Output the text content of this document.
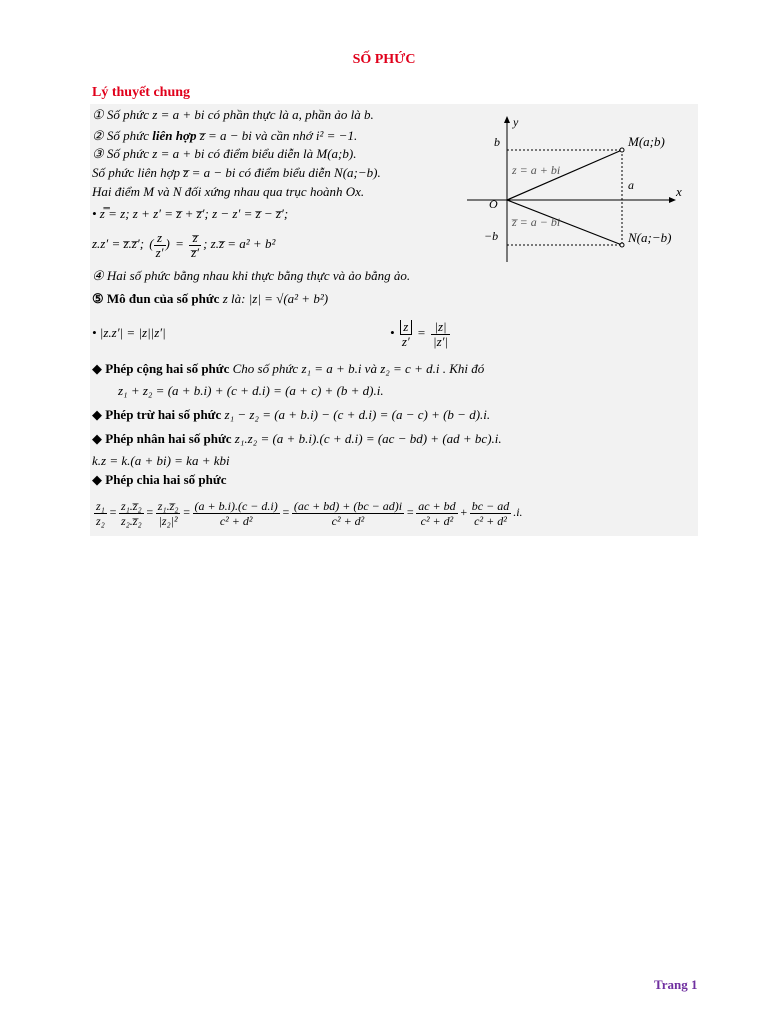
SỐ PHỨC
Lý thuyết chung
① Số phức z = a + bi có phần thực là a, phần ảo là b.
② Số phức liên hợp z̅ = a − bi và cần nhớ i² = −1.
③ Số phức z = a + bi có điểm biểu diễn là M(a;b).
Số phức liên hợp z̅ = a − bi có điểm biểu diễn N(a;−b).
Hai điểm M và N đối xứng nhau qua trục hoành Ox.
• z̿ = z; z + z′ = z̅ + z̅′; z − z′ = z̅ − z̅′;
z.z′ = z̅.z̅′; ( $\frac{z}{z'}$ ) = $\frac{z̅}{z̅'}$ ; z.z̅ = a² + b²
④ Hai số phức bằng nhau khi thực bằng thực và ảo bằng ảo.
⑤ Mô đun của số phức z là: |z| = √(a² + b²)
• |z.z′| = |z||z′|	• $\frac{z}{z'} = \frac{|z|}{|z'|}$
◆ Phép cộng hai số phức Cho số phức z₁ = a + b.i và z₂ = c + d.i . Khi đó
z₁ + z₂ = (a + b.i) + (c + d.i) = (a + c) + (b + d).i.
◆ Phép trừ hai số phức z₁ − z₂ = (a + b.i) − (c + d.i) = (a − c) + (b − d).i.
◆ Phép nhân hai số phức z₁.z₂ = (a + b.i).(c + d.i) = (ac − bd) + (ad + bc).i.
k.z = k.(a + bi) = ka + kbi
◆ Phép chia hai số phức
$\frac{\text{z₁}}{\text{z₂}} = \frac{\text{z₁.z̅₂}}{\text{z₂.z̅₂}} = \frac{\text{z₁.z̅₂}}{\text{|z₂|²}} = \frac{(a + b.i).(c - d.i)}{\text{c² + d²}} = \frac{(ac + bd) + (bc - ad)i}{\text{c² + d²}} = \frac{ac + bd}{\text{c² + d²}} + \frac{bc - ad}{\text{c² + d²}} .i$.
y
x
O
b
−b
a
M(a;b)
N(a;−b)
z = a + bi
z̅ = a − bi
Trang 1
